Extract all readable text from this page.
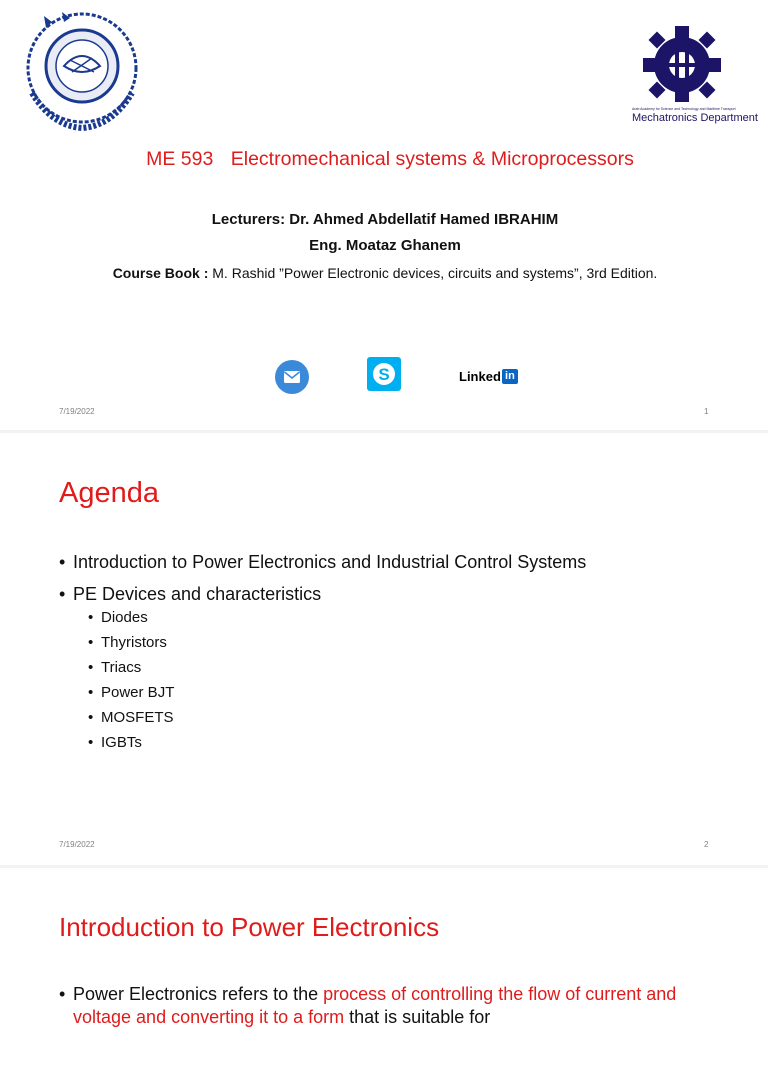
Arab Academy for Science and Technology and Maritime Transport
Mechatronics Department
ME 593 Electromechanical systems & Microprocessors
Lecturers: Dr. Ahmed Abdellatif Hamed IBRAHIM
Eng. Moataz Ghanem
Course Book : M. Rashid ”Power Electronic devices, circuits and systems”, 3rd Edition.
S	Linked in
7/19/2022	1
Agenda
• Introduction to Power Electronics and Industrial Control Systems
• PE Devices and characteristics
• Diodes
• Thyristors
• Triacs
• Power BJT
• MOSFETS
• IGBTs
7/19/2022	2
Introduction to Power Electronics
• Power Electronics refers to the process of controlling the flow of current and voltage and converting it to a form that is suitable for
